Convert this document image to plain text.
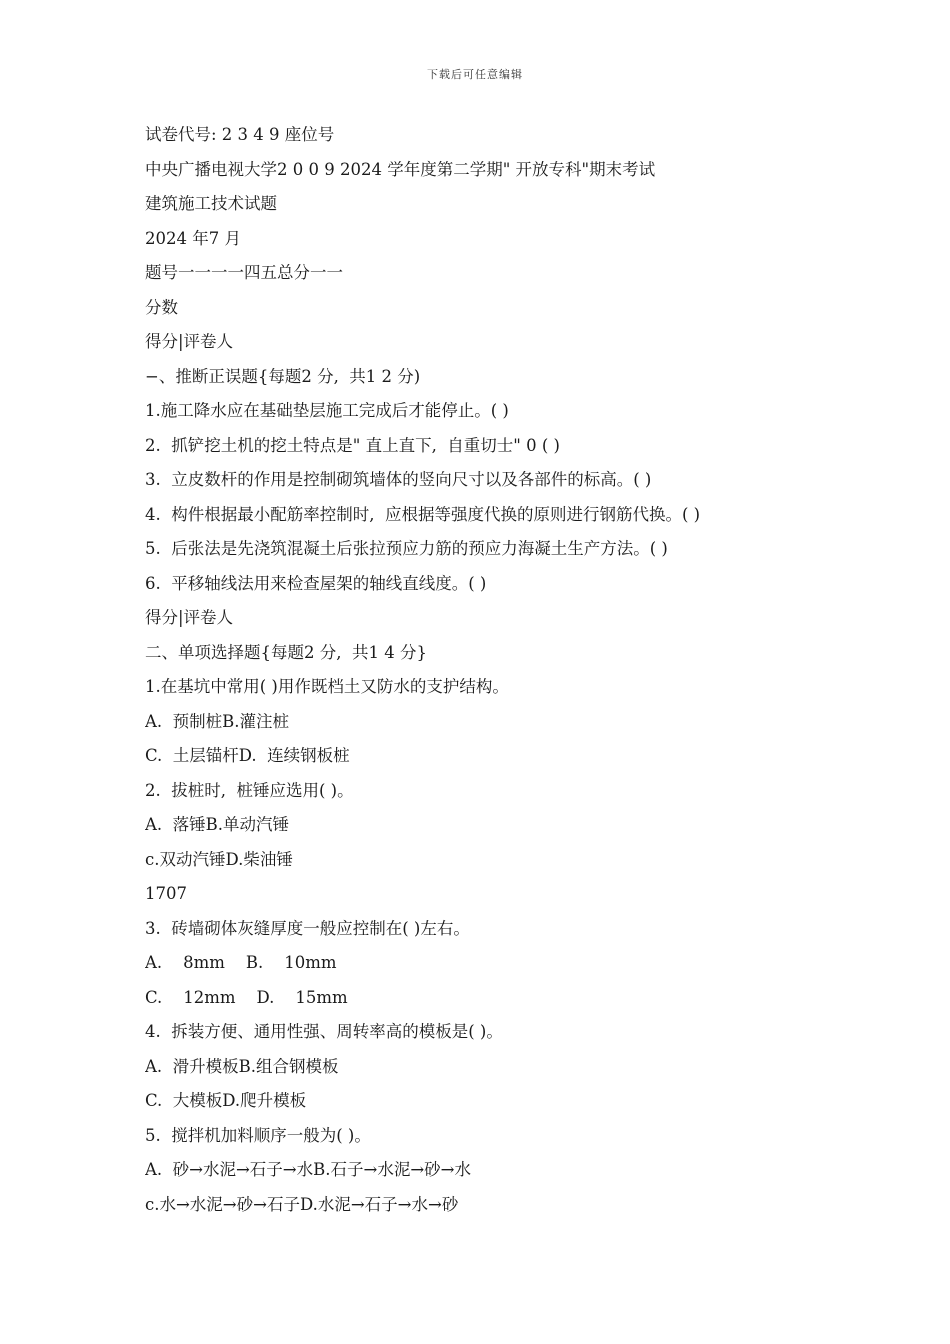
下载后可任意编辑
试卷代号: 2 3 4 9 座位号
中央广播电视大学2 0 0 9 2024 学年度第二学期" 开放专科"期末考试
建筑施工技术试题
2024 年7 月
题号一一一一四五总分一一
分数
得分|评卷人
−、推断正误题{每题2 分,  共1 2 分)
1.施工降水应在基础垫层施工完成后才能停止。( )
2.  抓铲挖土机的挖土特点是" 直上直下,  自重切士" 0 ( )
3.  立皮数杆的作用是控制砌筑墙体的竖向尺寸以及各部件的标高。( )
4.  构件根据最小配筋率控制时,  应根据等强度代换的原则进行钢筋代换。( )
5.  后张法是先浇筑混凝土后张拉预应力筋的预应力海凝土生产方法。( )
6.  平移轴线法用来检查屋架的轴线直线度。( )
得分|评卷人
二、单项选择题{每题2 分,  共1 4 分}
1.在基坑中常用( )用作既档土又防水的支护结构。
A.  预制桩B.灌注桩
C.  土层锚杆D.  连续钢板桩
2.  拔桩时,  桩锤应选用( )。
A.  落锤B.单动汽锤
c.双动汽锤D.柴油锤
1707
3.  砖墙砌体灰缝厚度一般应控制在( )左右。
A.    8mm    B.    10mm
C.    12mm    D.    15mm
4.  拆装方便、通用性强、周转率高的模板是( )。
A.  滑升模板B.组合钢模板
C.  大模板D.爬升模板
5.  搅拌机加料顺序一般为( )。
A.  砂→水泥→石子→水B.石子→水泥→砂→水
c.水→水泥→砂→石子D.水泥→石子→水→砂
